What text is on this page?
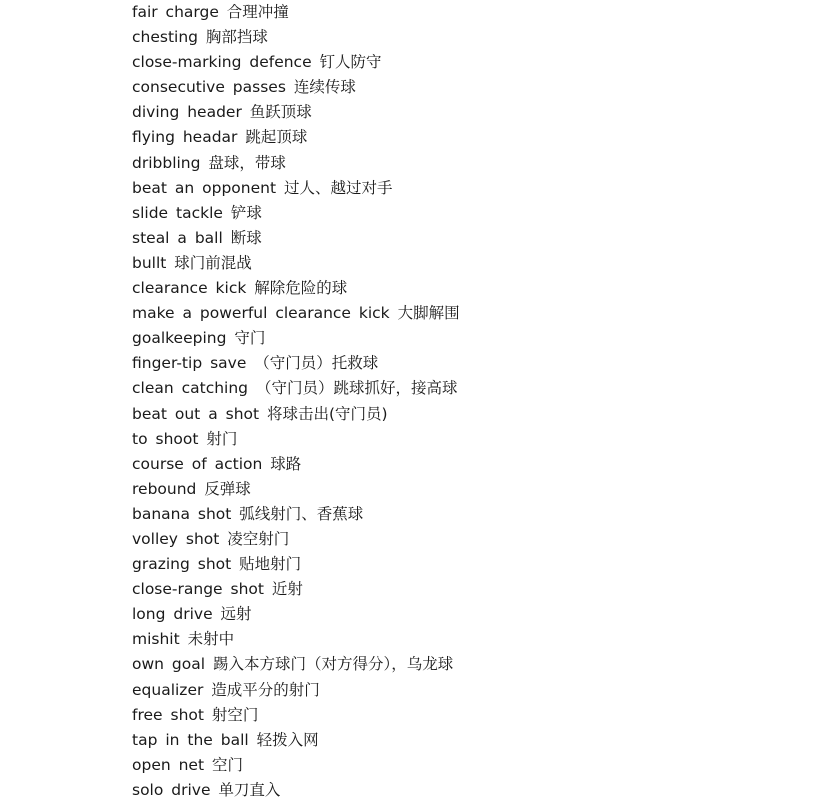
fair charge 合理冲撞
chesting 胸部挡球
close-marking defence 钉人防守
consecutive passes 连续传球
diving header 鱼跃顶球
flying headar 跳起顶球
dribbling 盘球，带球
beat an opponent 过人、越过对手
slide tackle 铲球
steal a ball 断球
bullt 球门前混战
clearance kick 解除危险的球
make a powerful clearance kick 大脚解围
goalkeeping 守门
finger-tip save （守门员）托救球
clean catching （守门员）跳球抓好，接高球
beat out a shot 将球击出(守门员)
to shoot 射门
course of action 球路
rebound 反弹球
banana shot 弧线射门、香蕉球
volley shot 凌空射门
grazing shot 贴地射门
close-range shot 近射
long drive 远射
mishit 未射中
own goal 踢入本方球门（对方得分），乌龙球
equalizer 造成平分的射门
free shot 射空门
tap in the ball 轻拨入网
open net 空门
solo drive 单刀直入
